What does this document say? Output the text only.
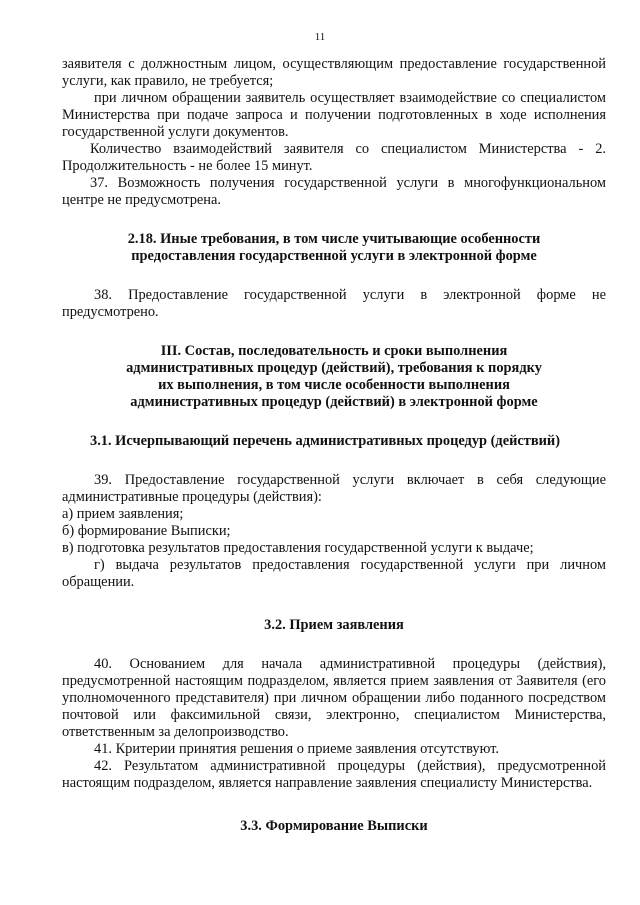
11

заявителя с должностным лицом, осуществляющим предоставление государственной услуги, как правило, не требуется;

при личном обращении заявитель осуществляет взаимодействие со специалистом Министерства при подаче запроса и получении подготовленных в ходе исполнения государственной услуги документов.

Количество взаимодействий заявителя со специалистом Министерства - 2. Продолжительность - не более 15 минут.

37. Возможность получения государственной услуги в многофункциональном центре не предусмотрена.

2.18. Иные требования, в том числе учитывающие особенности

предоставления государственной услуги в электронной форме

38. Предоставление государственной услуги в электронной форме не предусмотрено.

III. Состав, последовательность и сроки выполнения

административных процедур (действий), требования к порядку

их выполнения, в том числе особенности выполнения

административных процедур (действий) в электронной форме

3.1. Исчерпывающий перечень административных процедур (действий)

39. Предоставление государственной услуги включает в себя следующие административные процедуры (действия):

а) прием заявления;

б) формирование Выписки;

в) подготовка результатов предоставления государственной услуги к выдаче;

г) выдача результатов предоставления государственной услуги при личном обращении.

3.2. Прием заявления

40. Основанием для начала административной процедуры (действия), предусмотренной настоящим подразделом, является прием заявления от Заявителя (его уполномоченного представителя) при личном обращении либо поданного посредством почтовой или факсимильной связи, электронно, специалистом Министерства, ответственным за делопроизводство.

41. Критерии принятия решения о приеме заявления отсутствуют.

42. Результатом административной процедуры (действия), предусмотренной настоящим подразделом, является направление заявления специалисту Министерства.

3.3. Формирование Выписки
